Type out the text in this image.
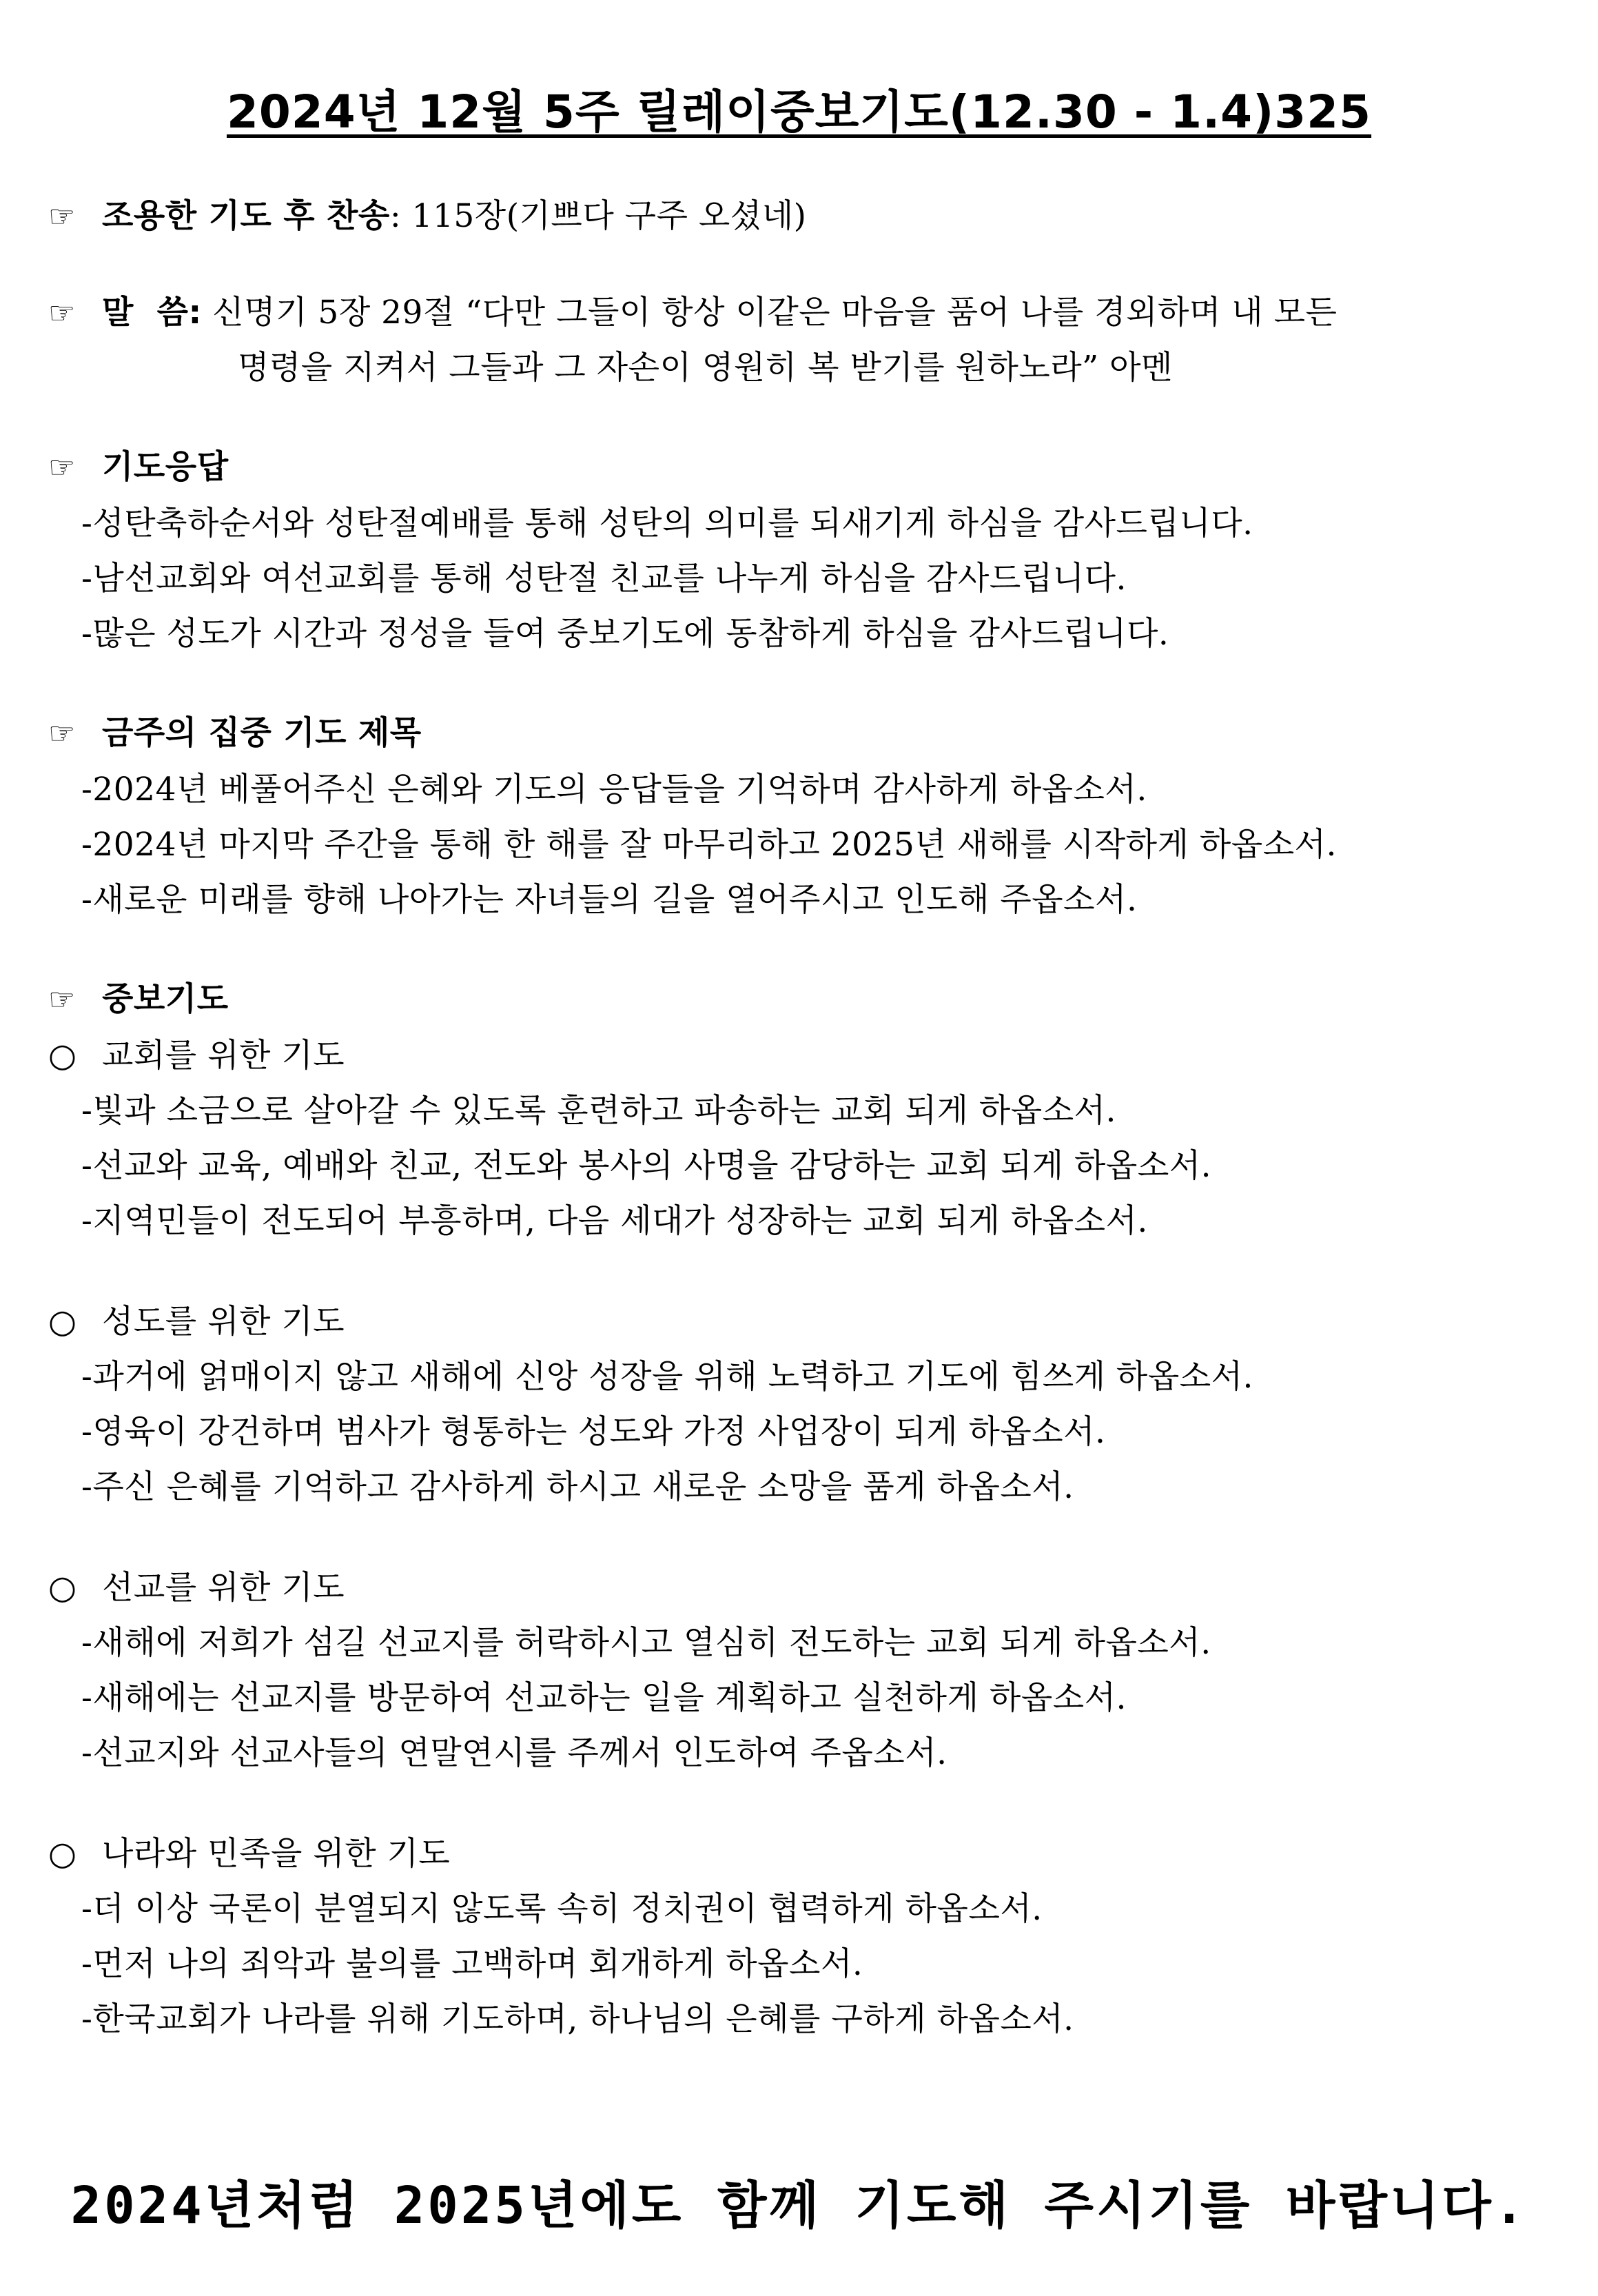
2024년 12월 5주 릴레이중보기도(12.30 - 1.4)325
☞ 조용한 기도 후 찬송: 115장(기쁘다 구주 오셨네)
☞ 말  씀: 신명기 5장 29절 “다만 그들이 항상 이같은 마음을 품어 나를 경외하며 내 모든
명령을 지켜서 그들과 그 자손이 영원히 복 받기를 원하노라” 아멘
☞ 기도응답
-성탄축하순서와 성탄절예배를 통해 성탄의 의미를 되새기게 하심을 감사드립니다.
-남선교회와 여선교회를 통해 성탄절 친교를 나누게 하심을 감사드립니다.
-많은 성도가 시간과 정성을 들여 중보기도에 동참하게 하심을 감사드립니다.
☞ 금주의 집중 기도 제목
-2024년 베풀어주신 은혜와 기도의 응답들을 기억하며 감사하게 하옵소서.
-2024년 마지막 주간을 통해 한 해를 잘 마무리하고 2025년 새해를 시작하게 하옵소서.
-새로운 미래를 향해 나아가는 자녀들의 길을 열어주시고 인도해 주옵소서.
☞ 중보기도
○ 교회를 위한 기도
-빛과 소금으로 살아갈 수 있도록 훈련하고 파송하는 교회 되게 하옵소서.
-선교와 교육, 예배와 친교, 전도와 봉사의 사명을 감당하는 교회 되게 하옵소서.
-지역민들이 전도되어 부흥하며, 다음 세대가 성장하는 교회 되게 하옵소서.
○ 성도를 위한 기도
-과거에 얽매이지 않고 새해에 신앙 성장을 위해 노력하고 기도에 힘쓰게 하옵소서.
-영육이 강건하며 범사가 형통하는 성도와 가정 사업장이 되게 하옵소서.
-주신 은혜를 기억하고 감사하게 하시고 새로운 소망을 품게 하옵소서.
○ 선교를 위한 기도
-새해에 저희가 섬길 선교지를 허락하시고 열심히 전도하는 교회 되게 하옵소서.
-새해에는 선교지를 방문하여 선교하는 일을 계획하고 실천하게 하옵소서.
-선교지와 선교사들의 연말연시를 주께서 인도하여 주옵소서.
○ 나라와 민족을 위한 기도
-더 이상 국론이 분열되지 않도록 속히 정치권이 협력하게 하옵소서.
-먼저 나의 죄악과 불의를 고백하며 회개하게 하옵소서.
-한국교회가 나라를 위해 기도하며, 하나님의 은혜를 구하게 하옵소서.
2024년처럼 2025년에도 함께 기도해 주시기를 바랍니다.
